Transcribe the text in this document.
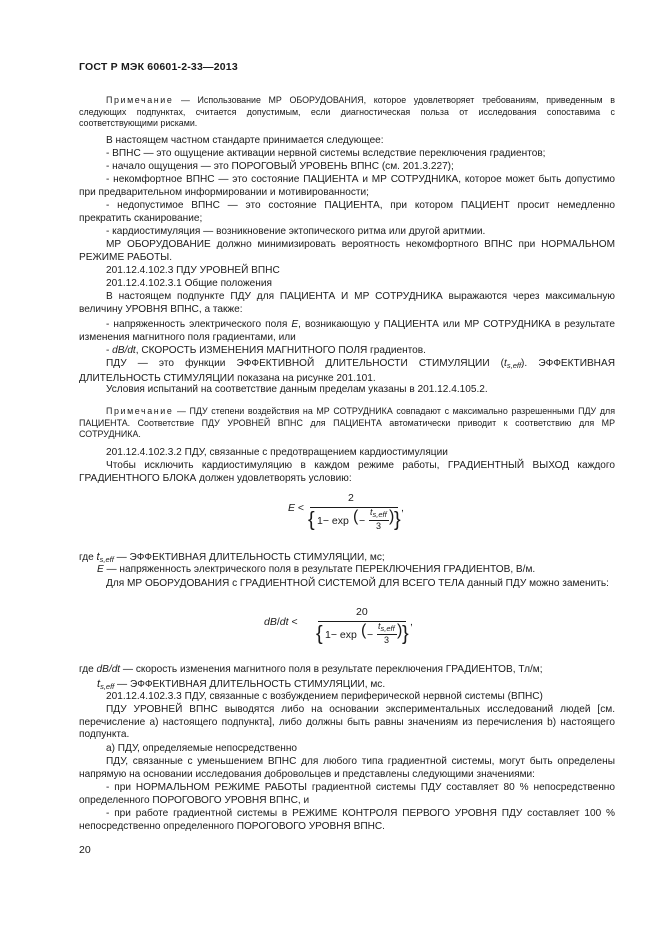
ГОСТ Р МЭК 60601-2-33—2013
Примечание — Использование МР ОБОРУДОВАНИЯ, которое удовлетворяет требованиям, приведенным в следующих подпунктах, считается допустимым, если диагностическая польза от исследования сопоставима с соответствующими рисками.
В настоящем частном стандарте принимается следующее:
- ВПНС — это ощущение активации нервной системы вследствие переключения градиентов;
- начало ощущения — это ПОРОГОВЫЙ УРОВЕНЬ ВПНС (см. 201.3.227);
- некомфортное ВПНС — это состояние ПАЦИЕНТА и МР СОТРУДНИКА, которое может быть допустимо при предварительном информировании и мотивированности;
- недопустимое ВПНС — это состояние ПАЦИЕНТА, при котором ПАЦИЕНТ просит немедленно прекратить сканирование;
- кардиостимуляция — возникновение эктопического ритма или другой аритмии.
МР ОБОРУДОВАНИЕ должно минимизировать вероятность некомфортного ВПНС при НОРМАЛЬНОМ РЕЖИМЕ РАБОТЫ.
201.12.4.102.3 ПДУ УРОВНЕЙ ВПНС
201.12.4.102.3.1 Общие положения
В настоящем подпункте ПДУ для ПАЦИЕНТА И МР СОТРУДНИКА выражаются через максимальную величину УРОВНЯ ВПНС, а также:
- напряженность электрического поля E, возникающую у ПАЦИЕНТА или МР СОТРУДНИКА в результате изменения магнитного поля градиентами, или
- dB/dt, СКОРОСТЬ ИЗМЕНЕНИЯ МАГНИТНОГО ПОЛЯ градиентов.
ПДУ — это функции ЭФФЕКТИВНОЙ ДЛИТЕЛЬНОСТИ СТИМУЛЯЦИИ $(t_{s,eff})$. ЭФФЕКТИВНАЯ ДЛИТЕЛЬНОСТЬ СТИМУЛЯЦИИ показана на рисунке 201.101.
Условия испытаний на соответствие данным пределам указаны в 201.12.4.105.2.
Примечание — ПДУ степени воздействия на МР СОТРУДНИКА совпадают с максимально разрешенными ПДУ для ПАЦИЕНТА. Соответствие ПДУ УРОВНЕЙ ВПНС для ПАЦИЕНТА автоматически приводит к соответствию для МР СОТРУДНИКА.
201.12.4.102.3.2 ПДУ, связанные с предотвращением кардиостимуляции
Чтобы исключить кардиостимуляцию в каждом режиме работы, ГРАДИЕНТНЫЙ ВЫХОД каждого ГРАДИЕНТНОГО БЛОКА должен удовлетворять условию:
E <
2
{ 1− exp ( −
$t_{s,eff}$
3
) }
,
где $t_{s,eff}$ — ЭФФЕКТИВНАЯ ДЛИТЕЛЬНОСТЬ СТИМУЛЯЦИИ, мс;
E — напряженность электрического поля в результате ПЕРЕКЛЮЧЕНИЯ ГРАДИЕНТОВ, В/м.
Для МР ОБОРУДОВАНИЯ с ГРАДИЕНТНОЙ СИСТЕМОЙ ДЛЯ ВСЕГО ТЕЛА данный ПДУ можно заменить:
dB/dt <
20
{ 1− exp ( −
$t_{s,eff}$
3
) }
,
где dB/dt — скорость изменения магнитного поля в результате переключения ГРАДИЕНТОВ, Тл/м;
$t_{s,eff}$ — ЭФФЕКТИВНАЯ ДЛИТЕЛЬНОСТЬ СТИМУЛЯЦИИ, мс.
201.12.4.102.3.3 ПДУ, связанные с возбуждением периферической нервной системы (ВПНС)
ПДУ УРОВНЕЙ ВПНС выводятся либо на основании экспериментальных исследований людей [см. перечисление а) настоящего подпункта], либо должны быть равны значениям из перечисления b) настоящего подпункта.
а) ПДУ, определяемые непосредственно
ПДУ, связанные с уменьшением ВПНС для любого типа градиентной системы, могут быть определены напрямую на основании исследования добровольцев и представлены следующими значениями:
- при НОРМАЛЬНОМ РЕЖИМЕ РАБОТЫ градиентной системы ПДУ составляет 80 % непосредственно определенного ПОРОГОВОГО УРОВНЯ ВПНС, и
- при работе градиентной системы в РЕЖИМЕ КОНТРОЛЯ ПЕРВОГО УРОВНЯ ПДУ составляет 100 % непосредственно определенного ПОРОГОВОГО УРОВНЯ ВПНС.
20
